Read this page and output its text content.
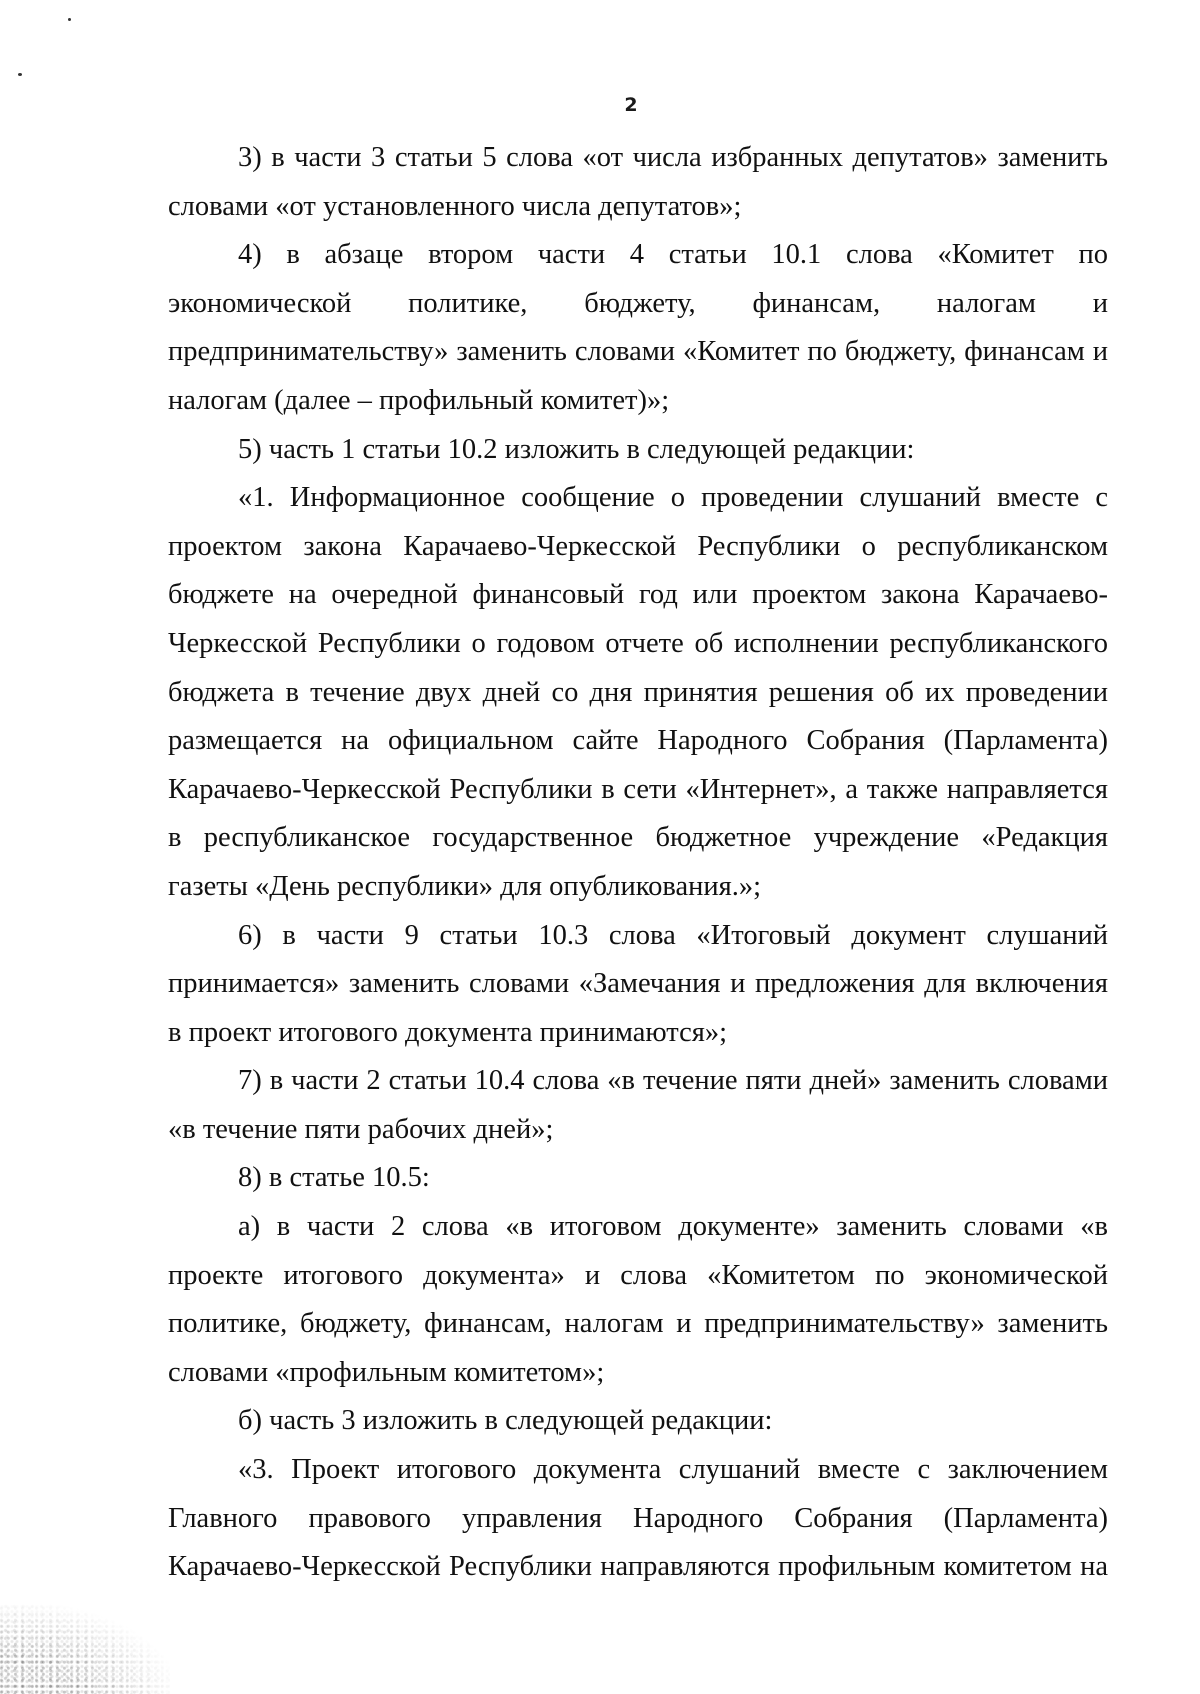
2

3) в части 3 статьи 5 слова «от числа избранных депутатов» заменить словами «от установленного числа депутатов»;

4) в абзаце втором части 4 статьи 10.1 слова «Комитет по экономической политике, бюджету, финансам, налогам и предпринимательству» заменить словами «Комитет по бюджету, финансам и налогам (далее – профильный комитет)»;

5) часть 1 статьи 10.2 изложить в следующей редакции:

«1. Информационное сообщение о проведении слушаний вместе с проектом закона Карачаево-Черкесской Республики о республиканском бюджете на очередной финансовый год или проектом закона Карачаево-Черкесской Республики о годовом отчете об исполнении республиканского бюджета в течение двух дней со дня принятия решения об их проведении размещается на официальном сайте Народного Собрания (Парламента) Карачаево-Черкесской Республики в сети «Интернет», а также направляется в республиканское государственное бюджетное учреждение «Редакция газеты «День республики» для опубликования.»;

6) в части 9 статьи 10.3 слова «Итоговый документ слушаний принимается» заменить словами «Замечания и предложения для включения в проект итогового документа принимаются»;

7) в части 2 статьи 10.4 слова «в течение пяти дней» заменить словами «в течение пяти рабочих дней»;

8) в статье 10.5:

а) в части 2 слова «в итоговом документе» заменить словами «в проекте итогового документа» и слова «Комитетом по экономической политике, бюджету, финансам, налогам и предпринимательству» заменить словами «профильным комитетом»;

б) часть 3 изложить в следующей редакции:

«3. Проект итогового документа слушаний вместе с заключением Главного правового управления Народного Собрания (Парламента) Карачаево-Черкесской Республики направляются профильным комитетом на
